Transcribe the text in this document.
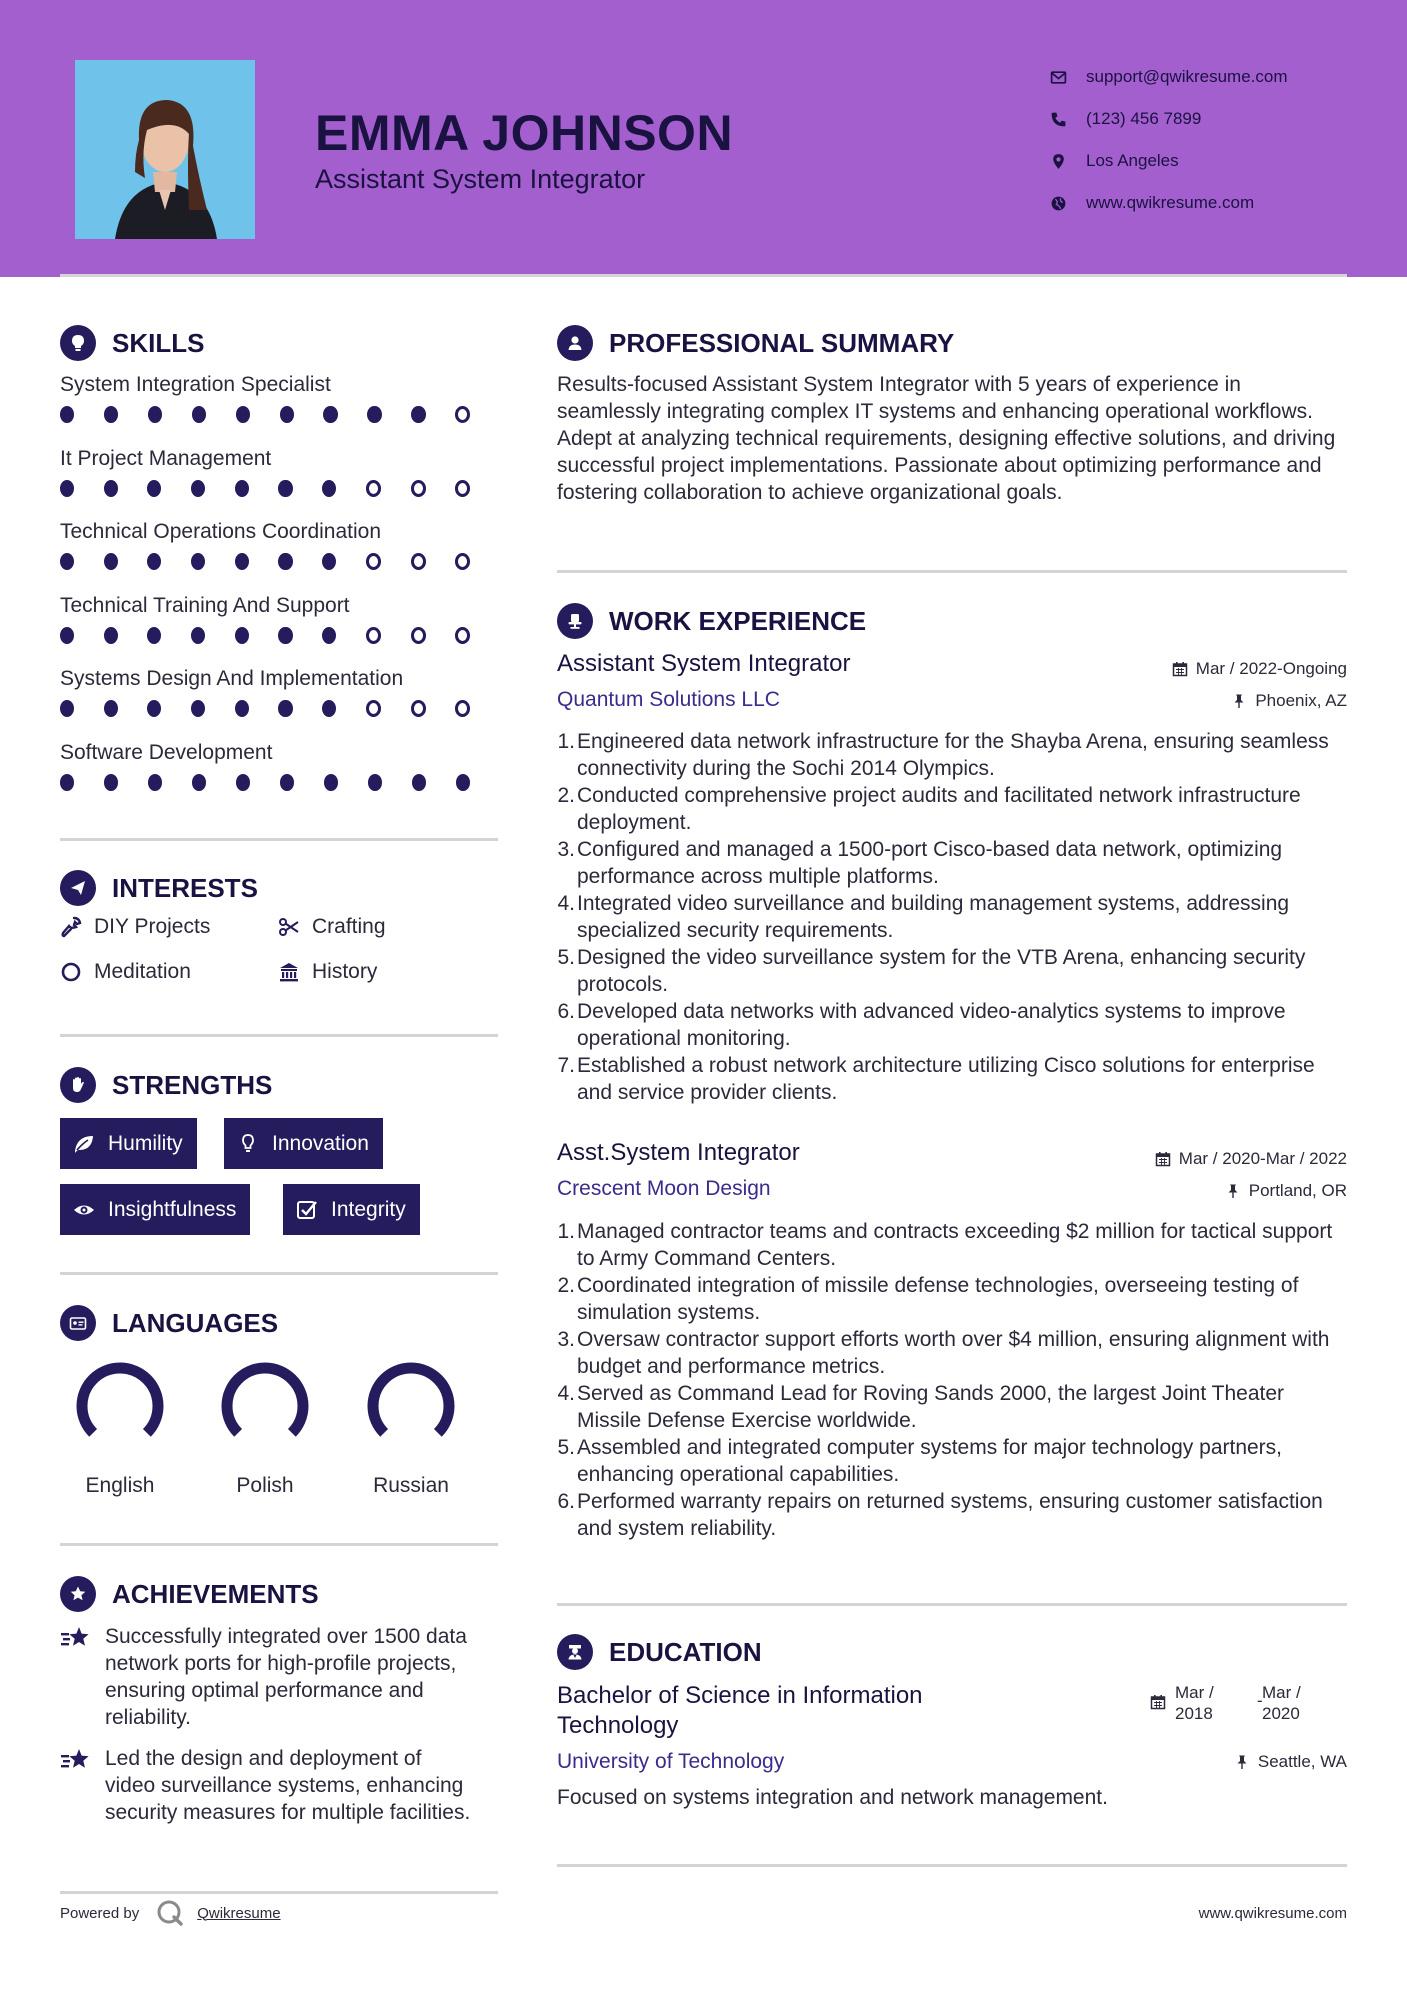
EMMA JOHNSON
Assistant System Integrator
support@qwikresume.com
(123) 456 7899
Los Angeles
www.qwikresume.com
SKILLS
System Integration Specialist
It Project Management
Technical Operations Coordination
Technical Training And Support
Systems Design And Implementation
Software Development
INTERESTS
DIY Projects	Crafting
Meditation	History
STRENGTHS
Humility	Innovation
Insightfulness	Integrity
LANGUAGES
English	Polish	Russian
ACHIEVEMENTS
Successfully integrated over 1500 data network ports for high-profile projects, ensuring optimal performance and reliability.
Led the design and deployment of video surveillance systems, enhancing security measures for multiple facilities.
PROFESSIONAL SUMMARY
Results-focused Assistant System Integrator with 5 years of experience in seamlessly integrating complex IT systems and enhancing operational workflows. Adept at analyzing technical requirements, designing effective solutions, and driving successful project implementations. Passionate about optimizing performance and fostering collaboration to achieve organizational goals.
WORK EXPERIENCE
Assistant System Integrator	Mar / 2022-Ongoing
Quantum Solutions LLC	Phoenix, AZ
1. Engineered data network infrastructure for the Shayba Arena, ensuring seamless connectivity during the Sochi 2014 Olympics.
2. Conducted comprehensive project audits and facilitated network infrastructure deployment.
3. Configured and managed a 1500-port Cisco-based data network, optimizing performance across multiple platforms.
4. Integrated video surveillance and building management systems, addressing specialized security requirements.
5. Designed the video surveillance system for the VTB Arena, enhancing security protocols.
6. Developed data networks with advanced video-analytics systems to improve operational monitoring.
7. Established a robust network architecture utilizing Cisco solutions for enterprise and service provider clients.
Asst.System Integrator	Mar / 2020-Mar / 2022
Crescent Moon Design	Portland, OR
1. Managed contractor teams and contracts exceeding $2 million for tactical support to Army Command Centers.
2. Coordinated integration of missile defense technologies, overseeing testing of simulation systems.
3. Oversaw contractor support efforts worth over $4 million, ensuring alignment with budget and performance metrics.
4. Served as Command Lead for Roving Sands 2000, the largest Joint Theater Missile Defense Exercise worldwide.
5. Assembled and integrated computer systems for major technology partners, enhancing operational capabilities.
6. Performed warranty repairs on returned systems, ensuring customer satisfaction and system reliability.
EDUCATION
Bachelor of Science in Information Technology
Mar / 2018
- Mar / 2020
University of Technology	Seattle, WA
Focused on systems integration and network management.
Powered by	Qwikresume	www.qwikresume.com
